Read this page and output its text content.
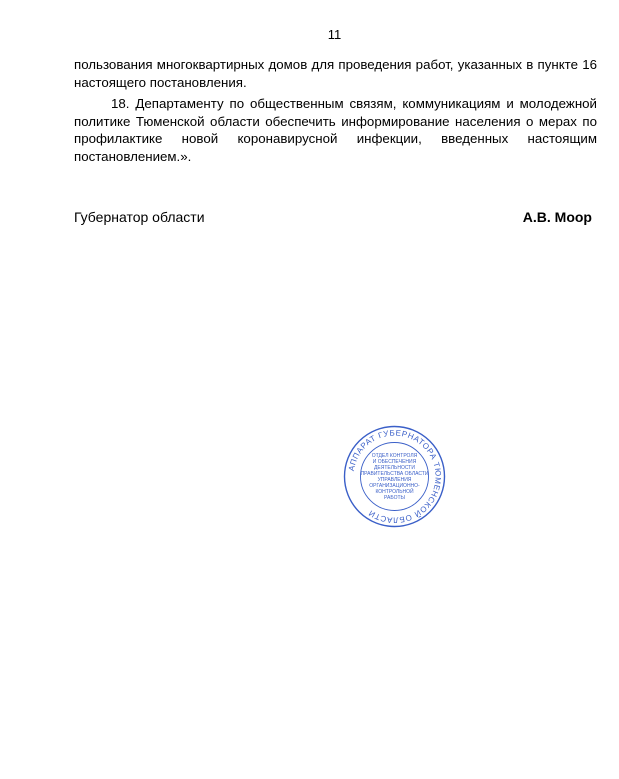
11
пользования многоквартирных домов для проведения работ, указанных в пункте 16 настоящего постановления.
18. Департаменту по общественным связям, коммуникациям и молодежной политике Тюменской области обеспечить информирование населения о мерах по профилактике новой коронавирусной инфекции, введенных настоящим постановлением.».
Губернатор области	А.В. Моор
АППАРАТ ГУБЕРНАТОРА ТЮМЕНСКОЙ ОБЛАСТИ
ОТДЕЛ КОНТРОЛЯ
И ОБЕСПЕЧЕНИЯ
ДЕЯТЕЛЬНОСТИ
ПРАВИТЕЛЬСТВА ОБЛАСТИ
УПРАВЛЕНИЯ
ОРГАНИЗАЦИОННО-
КОНТРОЛЬНОЙ
РАБОТЫ
